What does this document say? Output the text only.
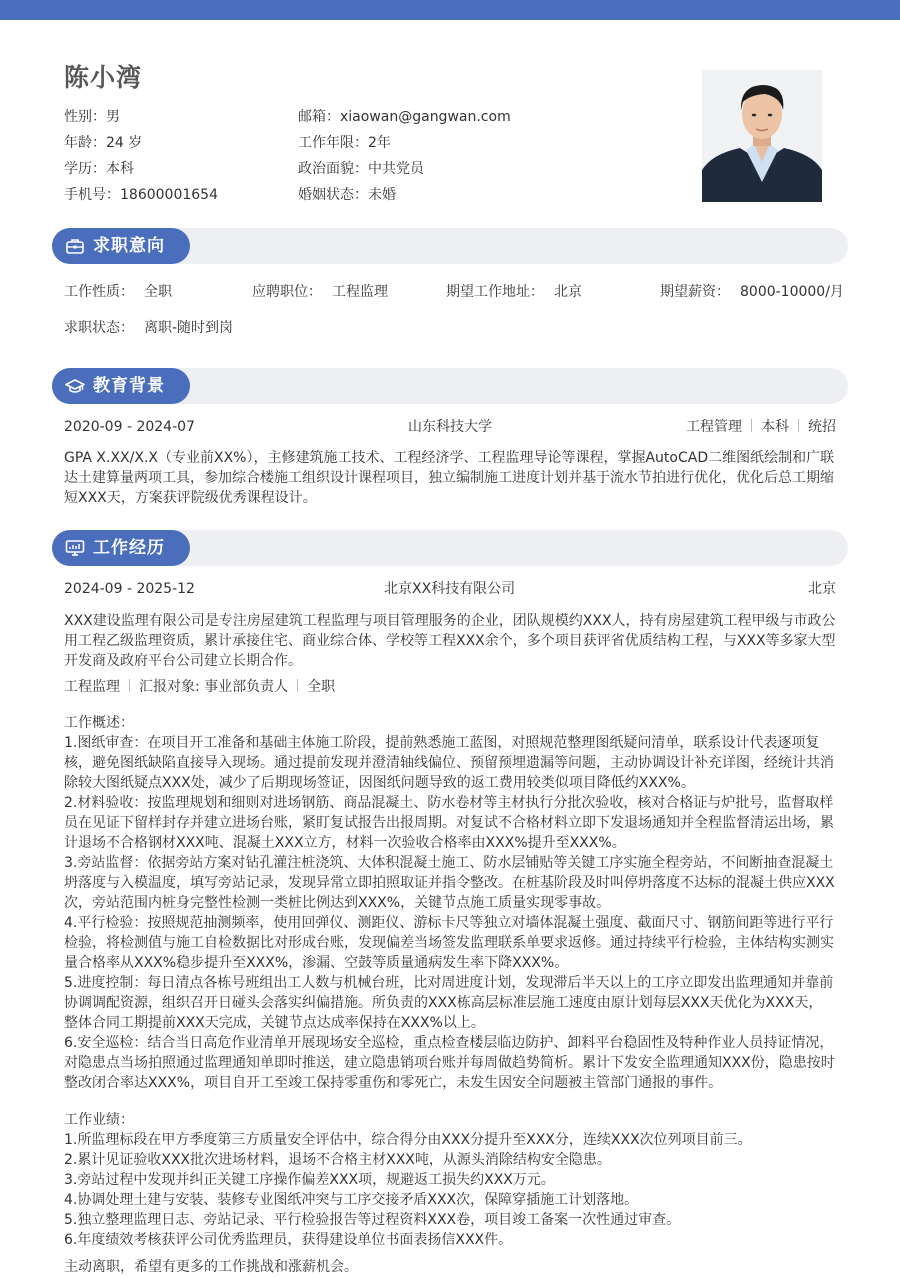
陈小湾
性别：男	邮箱：xiaowan@gangwan.com
年龄：24 岁	工作年限：2年
学历：本科	政治面貌：中共党员
手机号：18600001654	婚姻状态：未婚
求职意向
工作性质： 全职	应聘职位： 工程监理	期望工作地址： 北京	期望薪资： 8000-10000/月
求职状态： 离职-随时到岗
教育背景
2020-09 - 2024-07	山东科技大学	工程管理 本科 统招

GPA X.XX/X.X（专业前XX%），主修建筑施工技术、工程经济学、工程监理导论等课程，掌握AutoCAD二维图纸绘制和广联达土建算量两项工具，参加综合楼施工组织设计课程项目，独立编制施工进度计划并基于流水节拍进行优化，优化后总工期缩短XXX天，方案获评院级优秀课程设计。

工作经历
2024-09 - 2025-12	北京XX科技有限公司	北京

XXX建设监理有限公司是专注房屋建筑工程监理与项目管理服务的企业，团队规模约XXX人，持有房屋建筑工程甲级与市政公用工程乙级监理资质，累计承接住宅、商业综合体、学校等工程XXX余个，多个项目获评省优质结构工程，与XXX等多家大型开发商及政府平台公司建立长期合作。

工程监理 汇报对象: 事业部负责人 全职

工作概述：

1.图纸审查：在项目开工准备和基础主体施工阶段，提前熟悉施工蓝图，对照规范整理图纸疑问清单，联系设计代表逐项复核，避免图纸缺陷直接导入现场。通过提前发现并澄清轴线偏位、预留预埋遗漏等问题，主动协调设计补充详图，经统计共消除较大图纸疑点XXX处，减少了后期现场签证，因图纸问题导致的返工费用较类似项目降低约XXX%。

2.材料验收：按监理规划和细则对进场钢筋、商品混凝土、防水卷材等主材执行分批次验收，核对合格证与炉批号，监督取样员在见证下留样封存并建立进场台账，紧盯复试报告出报周期。对复试不合格材料立即下发退场通知并全程监督清运出场，累计退场不合格钢材XXX吨、混凝土XXX立方，材料一次验收合格率由XXX%提升至XXX%。

3.旁站监督：依据旁站方案对钻孔灌注桩浇筑、大体积混凝土施工、防水层铺贴等关键工序实施全程旁站，不间断抽查混凝土坍落度与入模温度，填写旁站记录，发现异常立即拍照取证并指令整改。在桩基阶段及时叫停坍落度不达标的混凝土供应XXX次，旁站范围内桩身完整性检测一类桩比例达到XXX%，关键节点施工质量实现零事故。

4.平行检验：按照规范抽测频率，使用回弹仪、测距仪、游标卡尺等独立对墙体混凝土强度、截面尺寸、钢筋间距等进行平行检验，将检测值与施工自检数据比对形成台账，发现偏差当场签发监理联系单要求返修。通过持续平行检验，主体结构实测实量合格率从XXX%稳步提升至XXX%，渗漏、空鼓等质量通病发生率下降XXX%。

5.进度控制：每日清点各栋号班组出工人数与机械台班，比对周进度计划，发现滞后半天以上的工序立即发出监理通知并靠前协调调配资源，组织召开日碰头会落实纠偏措施。所负责的XXX栋高层标准层施工速度由原计划每层XXX天优化为XXX天，整体合同工期提前XXX天完成，关键节点达成率保持在XXX%以上。

6.安全巡检：结合当日高危作业清单开展现场安全巡检，重点检查楼层临边防护、卸料平台稳固性及特种作业人员持证情况，对隐患点当场拍照通过监理通知单即时推送，建立隐患销项台账并每周做趋势简析。累计下发安全监理通知XXX份，隐患按时整改闭合率达XXX%，项目自开工至竣工保持零重伤和零死亡，未发生因安全问题被主管部门通报的事件。

工作业绩：

1.所监理标段在甲方季度第三方质量安全评估中，综合得分由XXX分提升至XXX分，连续XXX次位列项目前三。

2.累计见证验收XXX批次进场材料，退场不合格主材XXX吨，从源头消除结构安全隐患。

3.旁站过程中发现并纠正关键工序操作偏差XXX项，规避返工损失约XXX万元。

4.协调处理土建与安装、装修专业图纸冲突与工序交接矛盾XXX次，保障穿插施工计划落地。

5.独立整理监理日志、旁站记录、平行检验报告等过程资料XXX卷，项目竣工备案一次性通过审查。

6.年度绩效考核获评公司优秀监理员，获得建设单位书面表扬信XXX件。

主动离职，希望有更多的工作挑战和涨薪机会。
